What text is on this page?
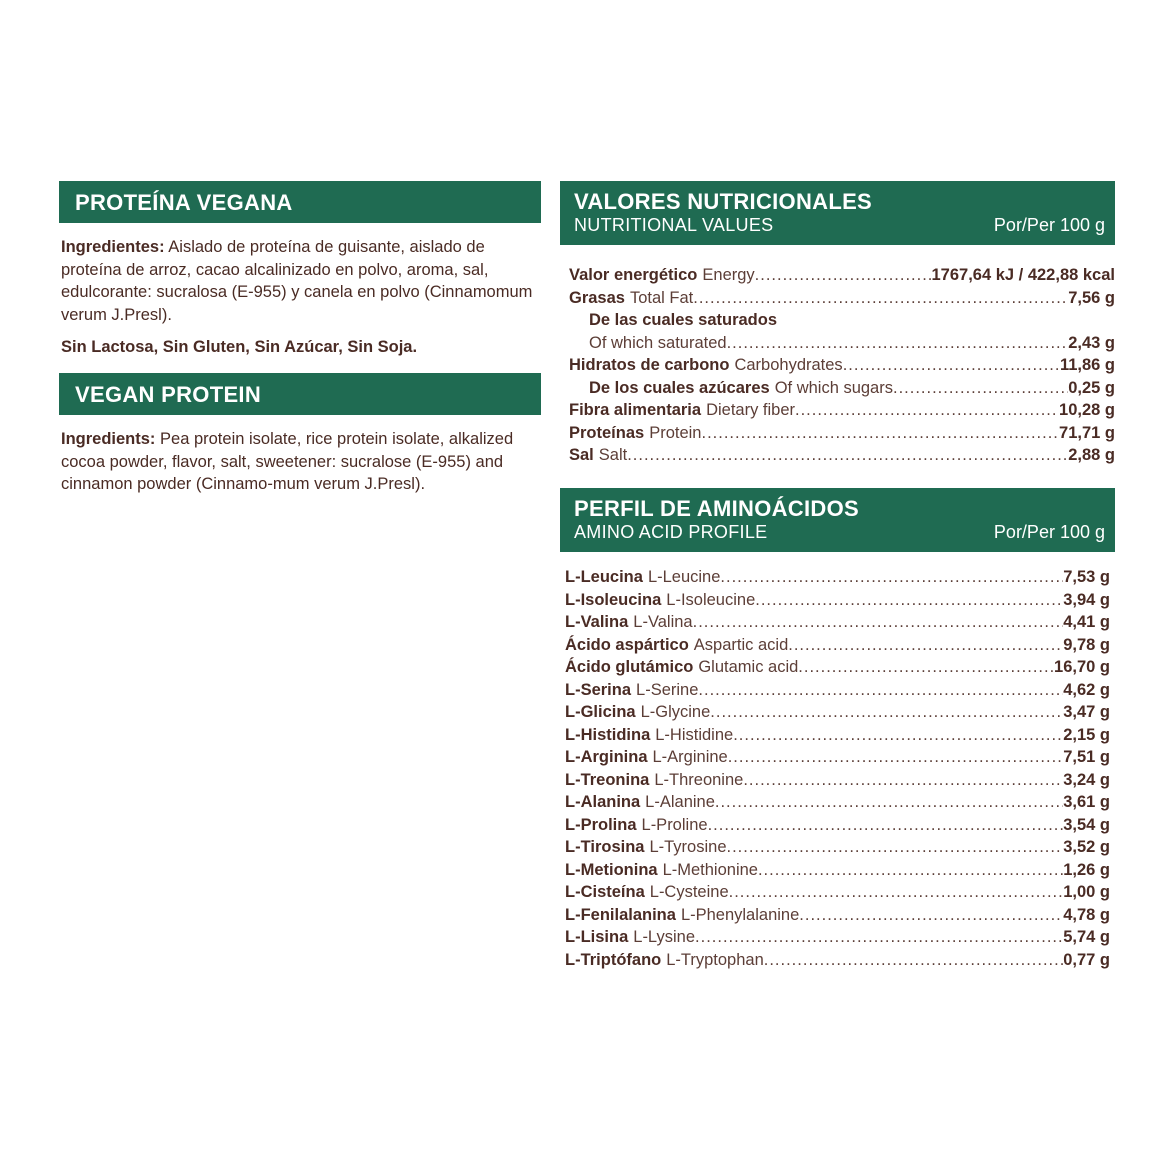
PROTEÍNA VEGANA
Ingredientes: Aislado de proteína de guisante, aislado de proteína de arroz, cacao alcalinizado en polvo, aroma, sal, edulcorante: sucralosa (E-955) y canela en polvo (Cinnamomum verum J.Presl).
Sin Lactosa, Sin Gluten, Sin Azúcar, Sin Soja.
VEGAN PROTEIN
Ingredients: Pea protein isolate, rice protein isolate, alkalized cocoa powder, flavor, salt, sweetener: sucralose (E-955) and cinnamon powder (Cinnamo-mum verum J.Presl).
VALORES NUTRICIONALES
NUTRITIONAL VALUES	Por/Per 100 g
Valor energético Energy .....	1767,64 kJ / 422,88 kcal
Grasas Total Fat .....	7,56 g
De las cuales saturados
Of which saturated .....	2,43 g
Hidratos de carbono Carbohydrates .....	11,86 g
De los cuales azúcares Of which sugars .....	0,25 g
Fibra alimentaria Dietary fiber .....	10,28 g
Proteínas Protein .....	71,71 g
Sal Salt .....	2,88 g
PERFIL DE AMINOÁCIDOS
AMINO ACID PROFILE	Por/Per 100 g
L-Leucina L-Leucine .....	7,53 g
L-Isoleucina L-Isoleucine .....	3,94 g
L-Valina L-Valina .....	4,41 g
Ácido aspártico Aspartic acid .....	9,78 g
Ácido glutámico Glutamic acid .....	16,70 g
L-Serina L-Serine .....	4,62 g
L-Glicina L-Glycine .....	3,47 g
L-Histidina L-Histidine .....	2,15 g
L-Arginina L-Arginine .....	7,51 g
L-Treonina L-Threonine .....	3,24 g
L-Alanina L-Alanine .....	3,61 g
L-Prolina L-Proline .....	3,54 g
L-Tirosina L-Tyrosine .....	3,52 g
L-Metionina L-Methionine .....	1,26 g
L-Cisteína L-Cysteine .....	1,00 g
L-Fenilalanina L-Phenylalanine .....	4,78 g
L-Lisina L-Lysine .....	5,74 g
L-Triptófano L-Tryptophan .....	0,77 g
